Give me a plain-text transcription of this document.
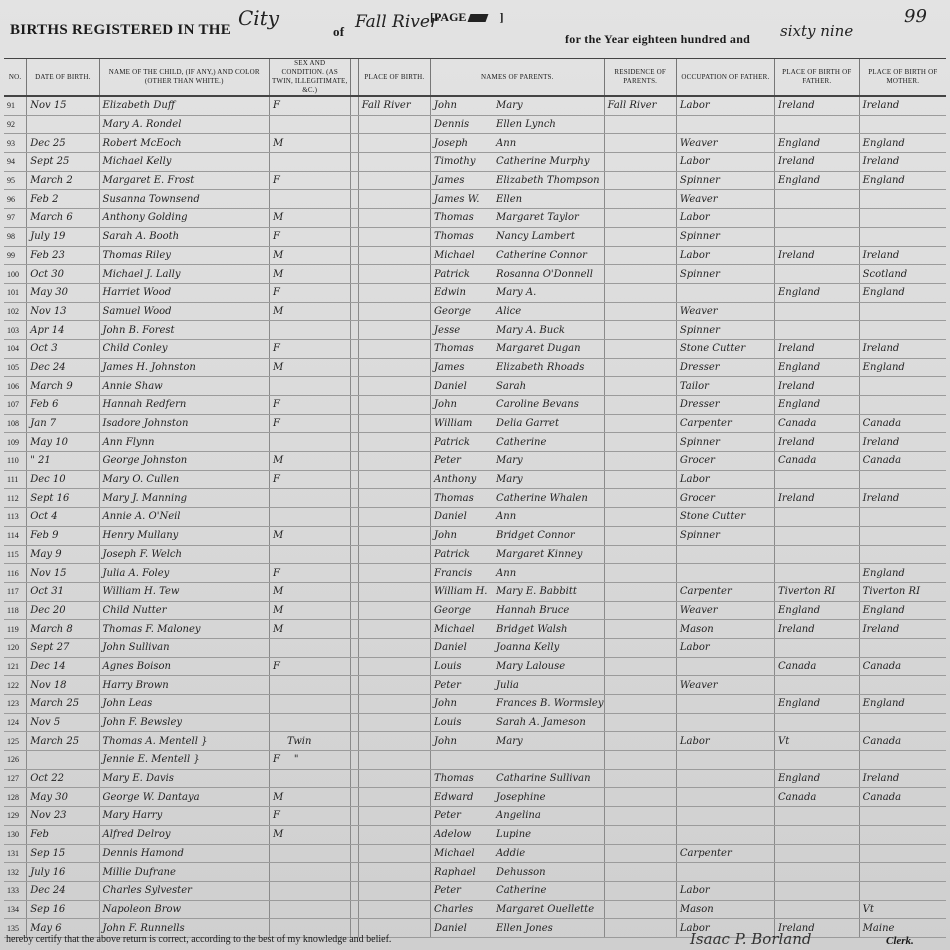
BIRTHS REGISTERED IN THE City
of Fall River
[PAGE	]
for the Year eighteen hundred and sixty nine
99
NO.	DATE OF BIRTH.	NAME OF THE CHILD, (IF ANY,) AND COLOR (OTHER THAN WHITE.)	SEX AND CONDITION. (AS TWIN, ILLEGITIMATE, &C.)		PLACE OF BIRTH.	NAMES OF PARENTS.	RESIDENCE OF PARENTS.	OCCUPATION OF FATHER.	PLACE OF BIRTH OF FATHER.	PLACE OF BIRTH OF MOTHER.
91	Nov 15	Elizabeth Duff	F		Fall River	John Mary	Fall River	Labor	Ireland	Ireland
92		Mary A. Rondel				Dennis Ellen Lynch				
93	Dec 25	Robert McEoch	M			Joseph Ann		Weaver	England	England
94	Sept 25	Michael Kelly				Timothy Catherine Murphy		Labor	Ireland	Ireland
95	March 2	Margaret E. Frost	F			James Elizabeth Thompson		Spinner	England	England
96	Feb 2	Susanna Townsend				James W. Ellen		Weaver		
97	March 6	Anthony Golding	M			Thomas Margaret Taylor		Labor		
98	July 19	Sarah A. Booth	F			Thomas Nancy Lambert		Spinner		
99	Feb 23	Thomas Riley	M			Michael Catherine Connor		Labor	Ireland	Ireland
100	Oct 30	Michael J. Lally	M			Patrick Rosanna O'Donnell		Spinner		Scotland
101	May 30	Harriet Wood	F			Edwin Mary A.			England	England
102	Nov 13	Samuel Wood	M			George Alice		Weaver		
103	Apr 14	John B. Forest				Jesse Mary A. Buck		Spinner		
104	Oct 3	Child Conley	F			Thomas Margaret Dugan		Stone Cutter	Ireland	Ireland
105	Dec 24	James H. Johnston	M			James Elizabeth Rhoads		Dresser	England	England
106	March 9	Annie Shaw				Daniel Sarah		Tailor	Ireland	
107	Feb 6	Hannah Redfern	F			John Caroline Bevans		Dresser	England	
108	Jan 7	Isadore Johnston	F			William Delia Garret		Carpenter	Canada	Canada
109	May 10	Ann Flynn				Patrick Catherine		Spinner	Ireland	Ireland
110	" 21	George Johnston	M			Peter Mary		Grocer	Canada	Canada
111	Dec 10	Mary O. Cullen	F			Anthony Mary		Labor		
112	Sept 16	Mary J. Manning				Thomas Catherine Whalen		Grocer	Ireland	Ireland
113	Oct 4	Annie A. O'Neil				Daniel Ann		Stone Cutter		
114	Feb 9	Henry Mullany	M			John Bridget Connor		Spinner		
115	May 9	Joseph F. Welch				Patrick Margaret Kinney				
116	Nov 15	Julia A. Foley	F			Francis Ann				England
117	Oct 31	William H. Tew	M			William H. Mary E. Babbitt		Carpenter	Tiverton RI	Tiverton RI
118	Dec 20	Child Nutter	M			George Hannah Bruce		Weaver	England	England
119	March 8	Thomas F. Maloney	M			Michael Bridget Walsh		Mason	Ireland	Ireland
120	Sept 27	John Sullivan				Daniel Joanna Kelly		Labor		
121	Dec 14	Agnes Boison	F			Louis Mary Lalouse			Canada	Canada
122	Nov 18	Harry Brown				Peter Julia		Weaver		
123	March 25	John Leas				John Frances B. Wormsley			England	England
124	Nov 5	John F. Bewsley				Louis Sarah A. Jameson				
125	March 25	Thomas A. Mentell }	Twin			John Mary		Labor	Vt	Canada
126		Jennie E. Mentell }	F "							
127	Oct 22	Mary E. Davis				Thomas Catharine Sullivan			England	Ireland
128	May 30	George W. Dantaya	M			Edward Josephine			Canada	Canada
129	Nov 23	Mary Harry	F			Peter Angelina				
130	Feb	Alfred Delroy	M			Adelow Lupine				
131	Sep 15	Dennis Hamond				Michael Addie		Carpenter		
132	July 16	Millie Dufrane				Raphael Dehusson				
133	Dec 24	Charles Sylvester				Peter Catherine		Labor		
134	Sep 16	Napoleon Brow				Charles Margaret Ouellette		Mason		Vt
135	May 6	John F. Runnells				Daniel Ellen Jones		Labor	Ireland	Maine
hereby certify that the above return is correct, according to the best of my knowledge and belief.	Isaac P. Borland	Clerk.
